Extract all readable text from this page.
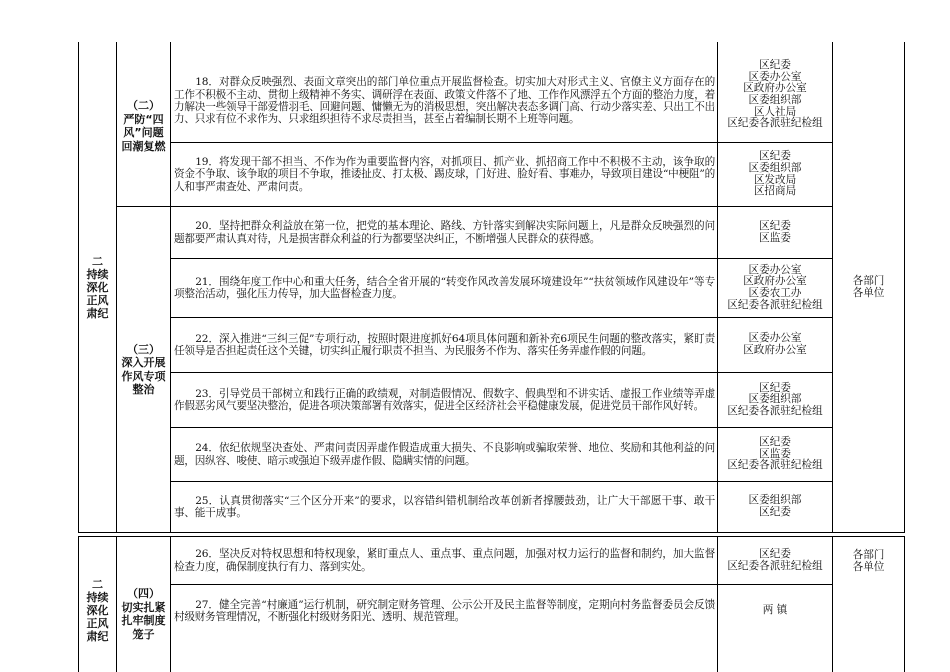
二
持续
深化
正风
肃纪
二
持续
深化
正风
肃纪
（二）
严防“四
风”问题
回潮复燃
（三）
深入开展
作风专项
整治
（四）
切实扎紧
扎牢制度
笼子
18．对群众反映强烈、表面文章突出的部门单位重点开展监督检查。切实加大对形式主义、官僚主义方面存在的工作不积极不主动、贯彻上级精神不务实、调研浮在表面、政策文件落不了地、工作作风漂浮五个方面的整治力度，着力解决一些领导干部爱惜羽毛、回避问题、慵懒无为的消极思想，突出解决表态多调门高、行动少落实差、只出工不出力、只求有位不求作为、只求组织担待不求尽责担当，甚至占着编制长期不上班等问题。
19．将发现干部不担当、不作为作为重要监督内容，对抓项目、抓产业、抓招商工作中不积极不主动，该争取的资金不争取、该争取的项目不争取，推诿扯皮、打太极、踢皮球，门好进、脸好看、事难办，导致项目建设“中梗阻”的人和事严肃查处、严肃问责。
20．坚持把群众利益放在第一位，把党的基本理论、路线、方针落实到解决实际问题上，凡是群众反映强烈的问题都要严肃认真对待，凡是损害群众利益的行为都要坚决纠正，不断增强人民群众的获得感。
21．围绕年度工作中心和重大任务，结合全省开展的“转变作风改善发展环境建设年”“扶贫领域作风建设年”等专项整治活动，强化压力传导，加大监督检查力度。
22．深入推进“三纠三促”专项行动，按照时限进度抓好64项具体问题和新补充6项民生问题的整改落实，紧盯责任领导是否担起责任这个关键，切实纠正履行职责不担当、为民服务不作为、落实任务弄虚作假的问题。
23．引导党员干部树立和践行正确的政绩观，对制造假情况、假数字、假典型和不讲实话、虚报工作业绩等弄虚作假恶劣风气要坚决整治，促进各项决策部署有效落实，促进全区经济社会平稳健康发展，促进党员干部作风好转。
24．依纪依规坚决查处、严肃问责因弄虚作假造成重大损失、不良影响或骗取荣誉、地位、奖励和其他利益的问题，因纵容、唆使、暗示或强迫下级弄虚作假、隐瞒实情的问题。
25．认真贯彻落实“三个区分开来”的要求，以容错纠错机制给改革创新者撑腰鼓劲，让广大干部愿干事、敢干事、能干成事。
26．坚决反对特权思想和特权现象，紧盯重点人、重点事、重点问题，加强对权力运行的监督和制约，加大监督检查力度，确保制度执行有力、落到实处。
27．健全完善“村廉通”运行机制，研究制定财务管理、公示公开及民主监督等制度，定期向村务监督委员会反馈村级财务管理情况，不断强化村级财务阳光、透明、规范管理。
区纪委
区委办公室
区政府办公室
区委组织部
区人社局
区纪委各派驻纪检组
区纪委
区委组织部
区发改局
区招商局
区纪委
区监委
区委办公室
区政府办公室
区委农工办
区纪委各派驻纪检组
区委办公室
区政府办公室
区纪委
区委组织部
区纪委各派驻纪检组
区纪委
区监委
区纪委各派驻纪检组
区委组织部
区纪委
区纪委
区纪委各派驻纪检组
两 镇
各部门
各单位
各部门
各单位
